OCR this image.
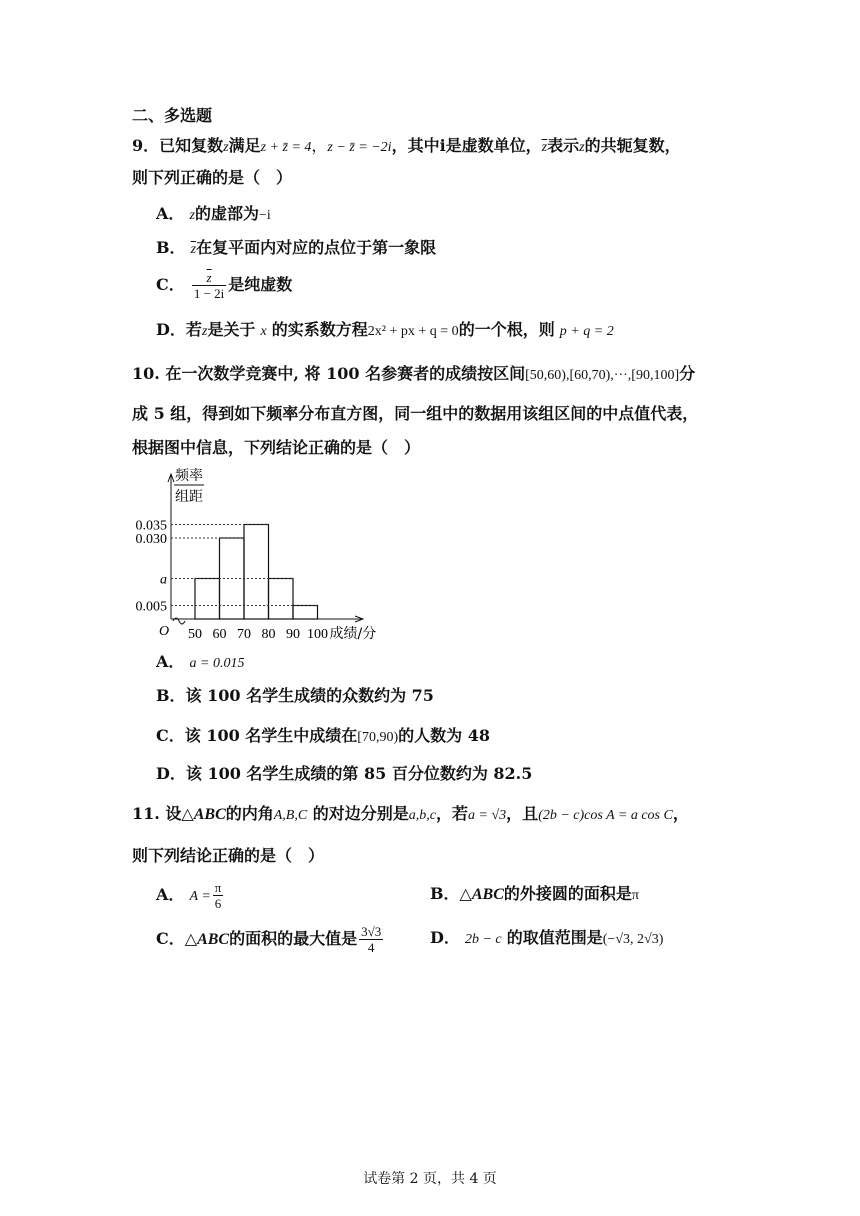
二、多选题
9．已知复数z满足z + z̄ = 4，z − z̄ = −2i，其中i是虚数单位，$\overline{z}$表示z的共轭复数，
则下列正确的是（　）
A． z的虚部为−i
B． $\overline{z}$在复平面内对应的点位于第一象限
C． $\frac{\overline{z}}{1 - 2i}$ 是纯虚数
D．若z是关于 x 的实系数方程2x² + px + q = 0的一个根，则 p + q = 2
10. 在一次数学竞赛中, 将 100 名参赛者的成绩按区间[50,60),[60,70),···,[90,100]分
成 5 组，得到如下频率分布直方图，同一组中的数据用该组区间的中点值代表，
根据图中信息，下列结论正确的是（　）
频率
组距
0.035
0.030
a
0.005
50 60 70 80 90 100
O	成绩/分
A． a = 0.015
B．该 100 名学生成绩的众数约为 75
C．该 100 名学生中成绩在[70,90)的人数为 48
D．该 100 名学生成绩的第 85 百分位数约为 82.5
11. 设△ABC的内角A,B,C 的对边分别是a,b,c，若a = √3，且(2b − c)cos A = a cos C，
则下列结论正确的是（　）
A． $A = \frac{\pi}{6}$	B．△ABC的外接圆的面积是π
C．△ABC的面积的最大值是 $\frac{3√3}{4}$	D． 2b − c 的取值范围是(−√3, 2√3)
试卷第 2 页，共 4 页
